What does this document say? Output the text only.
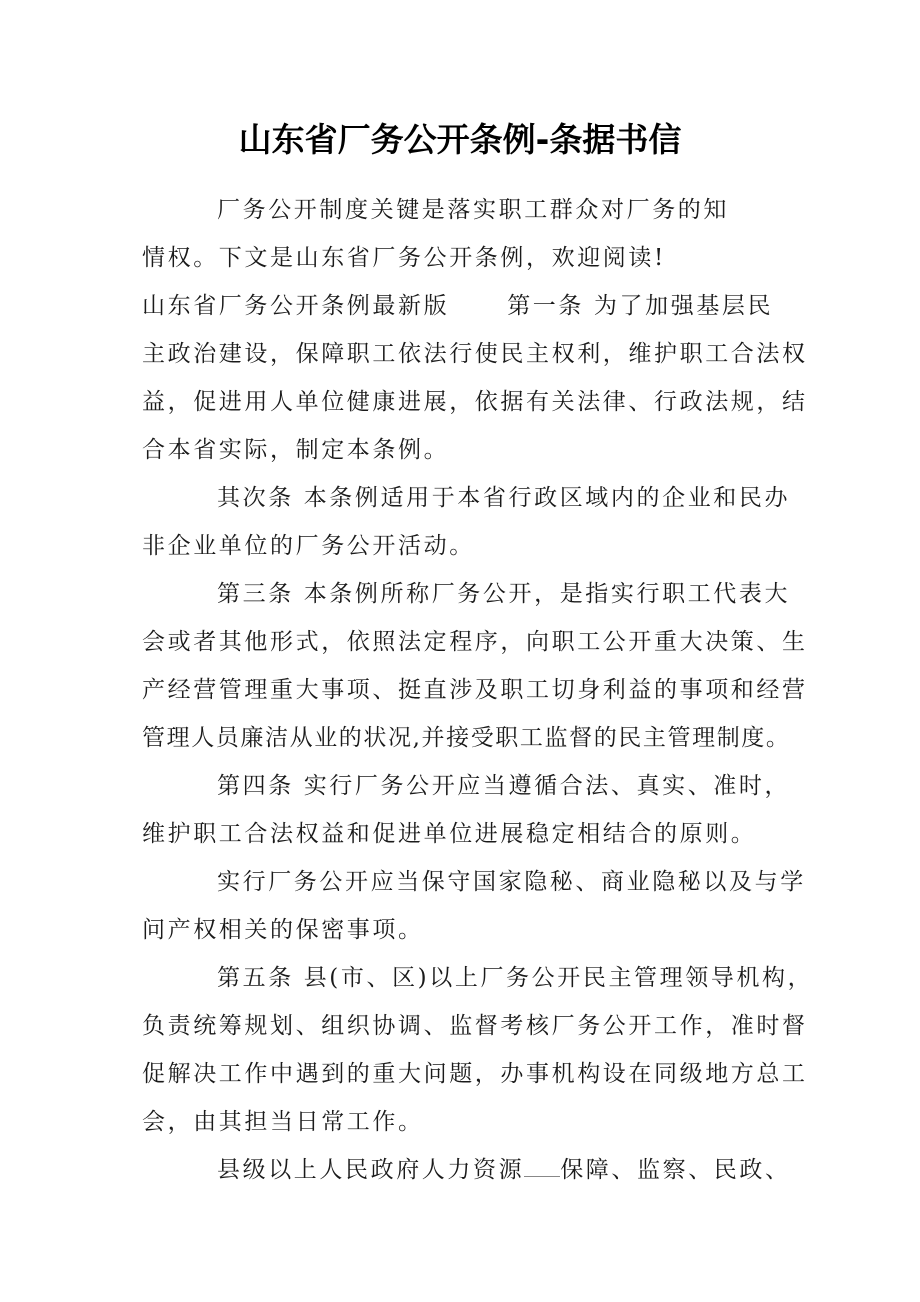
山东省厂务公开条例-条据书信
厂务公开制度关键是落实职工群众对厂务的知
情权。下文是山东省厂务公开条例，欢迎阅读!
山东省厂务公开条例最新版	第一条 为了加强基层民
主政治建设，保障职工依法行使民主权利，维护职工合法权
益，促进用人单位健康进展，依据有关法律、行政法规，结
合本省实际，制定本条例。
其次条 本条例适用于本省行政区域内的企业和民办
非企业单位的厂务公开活动。
第三条 本条例所称厂务公开，是指实行职工代表大
会或者其他形式，依照法定程序，向职工公开重大决策、生
产经营管理重大事项、挺直涉及职工切身利益的事项和经营
管理人员廉洁从业的状况,并接受职工监督的民主管理制度。
第四条 实行厂务公开应当遵循合法、真实、准时，
维护职工合法权益和促进单位进展稳定相结合的原则。
实行厂务公开应当保守国家隐秘、商业隐秘以及与学
问产权相关的保密事项。
第五条 县(市、区)以上厂务公开民主管理领导机构，
负责统筹规划、组织协调、监督考核厂务公开工作，准时督
促解决工作中遇到的重大问题，办事机构设在同级地方总工
会，由其担当日常工作。
县级以上人民政府人力资源 保障、监察、民政、
